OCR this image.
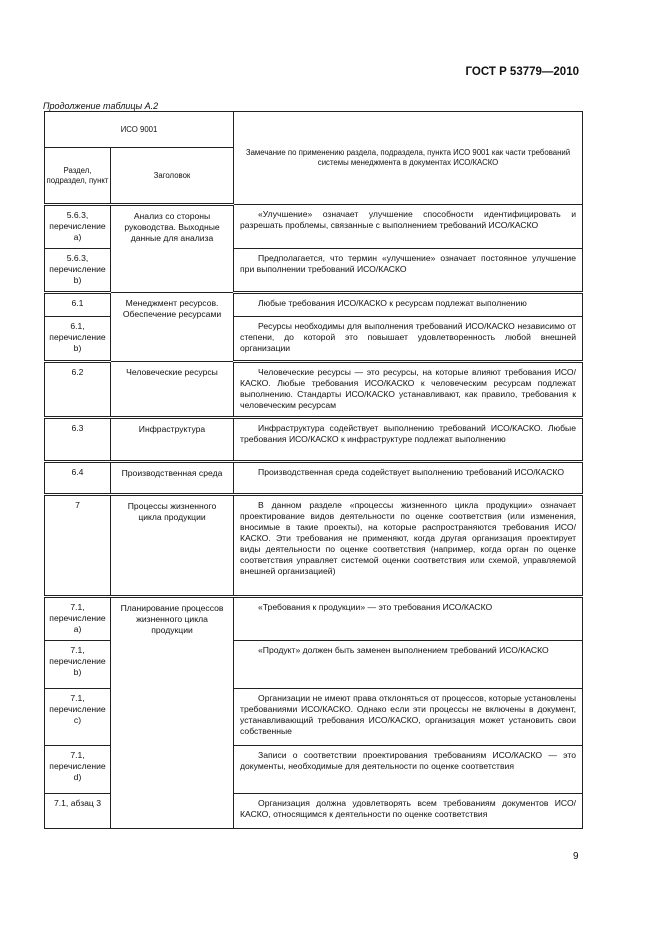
ГОСТ Р 53779—2010
Продолжение таблицы А.2
ИСО 9001		Замечание по применению раздела, подраздела, пункта ИСО 9001 как части требований системы менеджмента в документах ИСО/КАСКО
Раздел, подраздел, пункт	Заголовок	
5.6.3, перечисление a)	Анализ со стороны руководства. Выходные данные для анализа	«Улучшение» означает улучшение способности идентифицировать и разрешать проблемы, связанные с выполнением требований ИСО/КАСКО
5.6.3, перечисление b)		Предполагается, что термин «улучшение» означает постоянное улучшение при выполнении требований ИСО/КАСКО
6.1	Менеджмент ресурсов. Обеспечение ресурсами	Любые требования ИСО/КАСКО к ресурсам подлежат выполнению
6.1, перечисление b)		Ресурсы необходимы для выполнения требований ИСО/КАСКО независимо от степени, до которой это повышает удовлетворенность любой внешней организации
6.2	Человеческие ресурсы	Человеческие ресурсы — это ресурсы, на которые влияют требования ИСО/КАСКО. Любые требования ИСО/КАСКО к человеческим ресурсам подлежат выполнению. Стандарты ИСО/КАСКО устанавливают, как правило, требования к человеческим ресурсам
6.3	Инфраструктура	Инфраструктура содействует выполнению требований ИСО/КАСКО. Любые требования ИСО/КАСКО к инфраструктуре подлежат выполнению
6.4	Производственная среда	Производственная среда содействует выполнению требований ИСО/КАСКО
7	Процессы жизненного цикла продукции	В данном разделе «процессы жизненного цикла продукции» означает проектирование видов деятельности по оценке соответствия (или изменения, вносимые в такие проекты), на которые распространяются требования ИСО/КАСКО. Эти требования не применяют, когда другая организация проектирует виды деятельности по оценке соответствия (например, когда орган по оценке соответствия управляет системой оценки соответствия или схемой, управляемой внешней организацией)
7.1, перечисление a)	Планирование процессов жизненного цикла продукции	«Требования к продукции» — это требования ИСО/КАСКО
7.1, перечисление b)		«Продукт» должен быть заменен выполнением требований ИСО/КАСКО
7.1, перечисление c)		Организации не имеют права отклоняться от процессов, которые установлены требованиями ИСО/КАСКО. Однако если эти процессы не включены в документ, устанавливающий требования ИСО/КАСКО, организация может установить свои собственные
7.1, перечисление d)		Записи о соответствии проектирования требованиям ИСО/КАСКО — это документы, необходимые для деятельности по оценке соответствия
7.1, абзац 3		Организация должна удовлетворять всем требованиям документов ИСО/КАСКО, относящимся к деятельности по оценке соответствия
9
